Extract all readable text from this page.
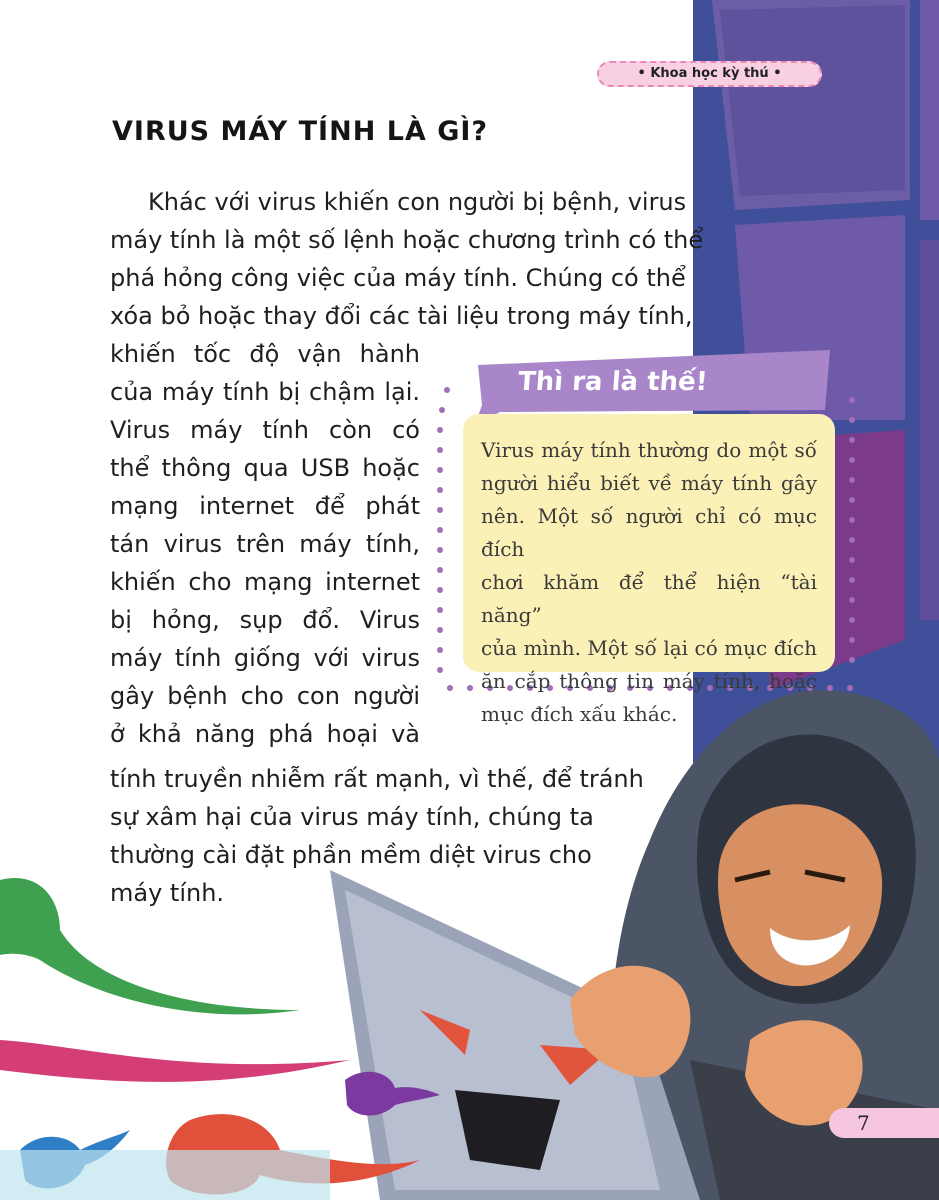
• Khoa học kỳ thú •
VIRUS MÁY TÍNH LÀ GÌ?
Khác với virus khiến con người bị bệnh, virus
máy tính là một số lệnh hoặc chương trình có thể
phá hỏng công việc của máy tính. Chúng có thể
xóa bỏ hoặc thay đổi các tài liệu trong máy tính,
khiến tốc độ vận hành
của máy tính bị chậm lại.
Virus máy tính còn có
thể thông qua USB hoặc
mạng internet để phát
tán virus trên máy tính,
khiến cho mạng internet
bị hỏng, sụp đổ. Virus
máy tính giống với virus
gây bệnh cho con người
ở khả năng phá hoại và
tính truyền nhiễm rất mạnh, vì thế, để tránh
sự xâm hại của virus máy tính, chúng ta
thường cài đặt phần mềm diệt virus cho
máy tính.
Thì ra là thế!
Virus máy tính thường do một số
người hiểu biết về máy tính gây
nên. Một số người chỉ có mục đích
chơi khăm để thể hiện “tài năng”
của mình. Một số lại có mục đích
ăn cắp thông tin máy tính, hoặc
mục đích xấu khác.
7
